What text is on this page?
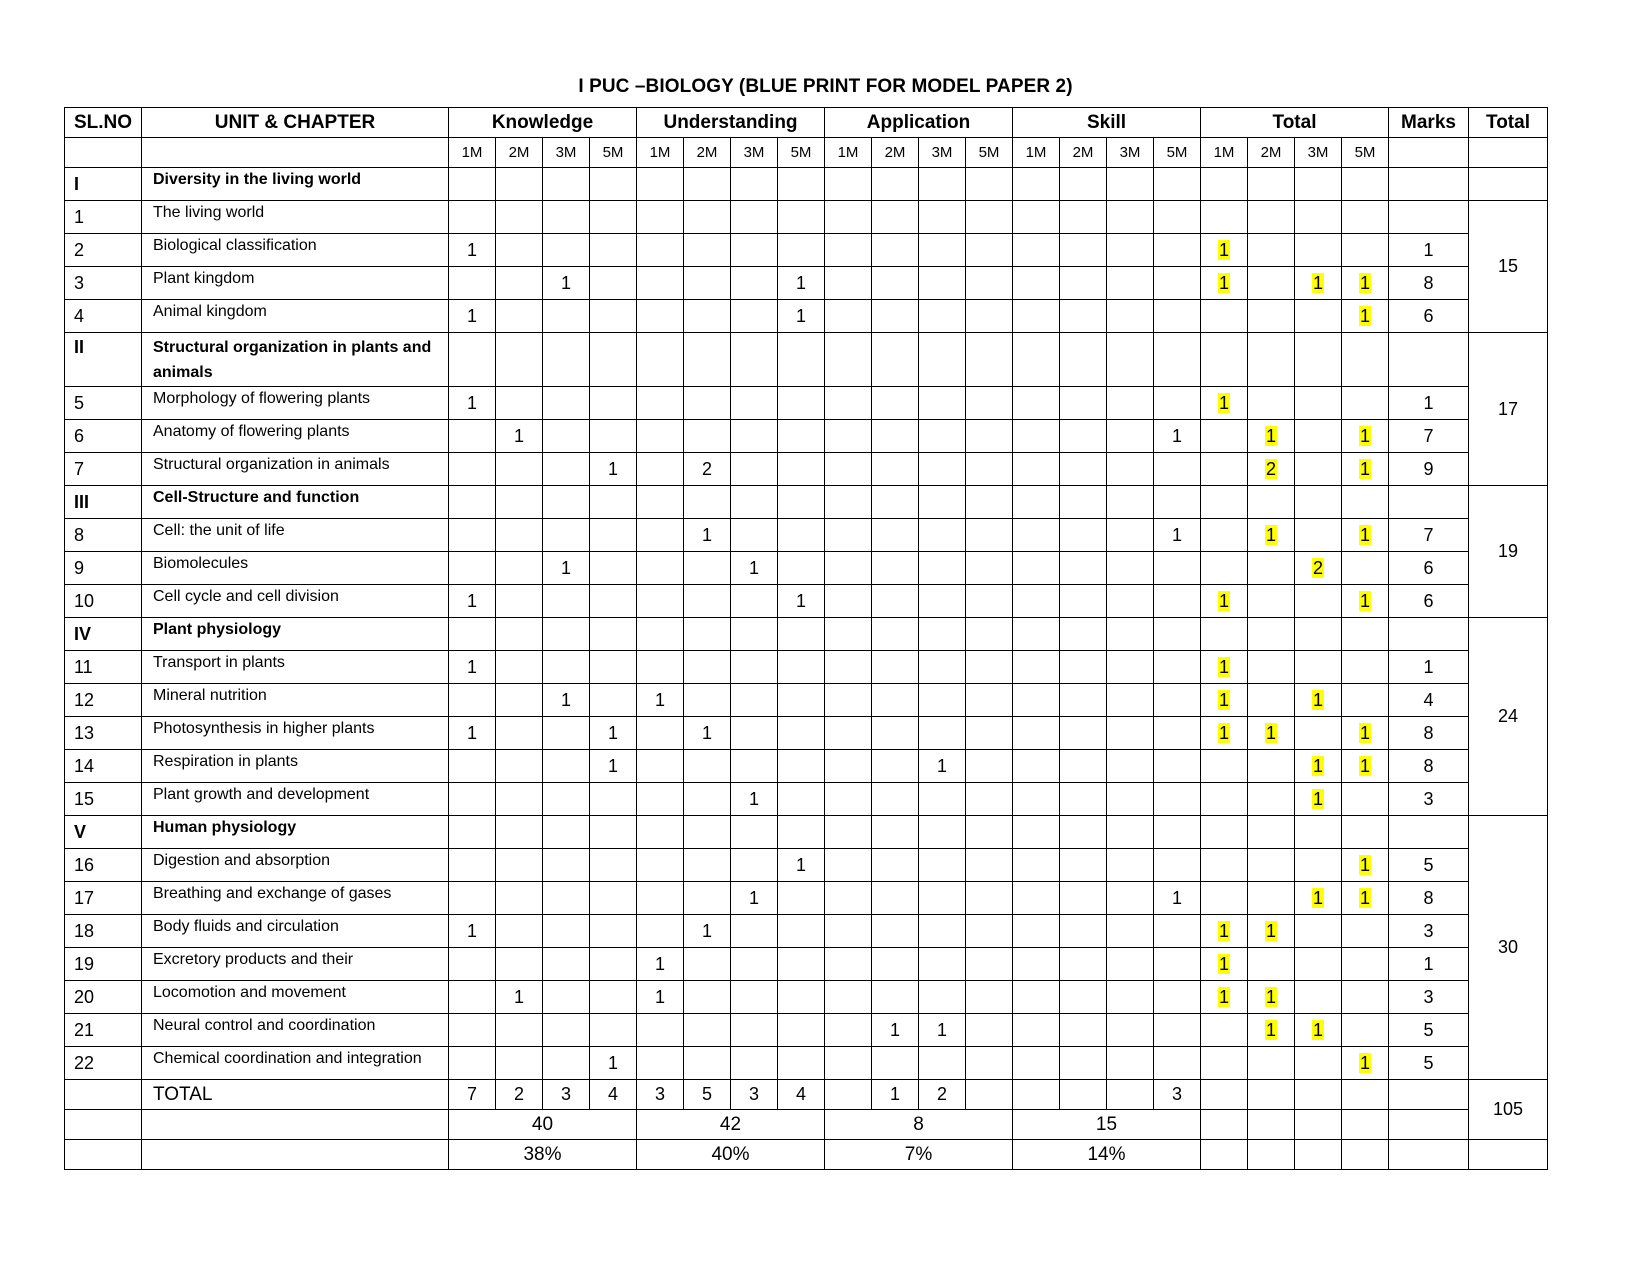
I PUC –BIOLOGY (BLUE PRINT FOR MODEL PAPER 2)
SL.NO	UNIT & CHAPTER	Knowledge				Understanding				Application				Skill				Total				Marks	Total
		1M	2M	3M	5M	1M	2M	3M	5M	1M	2M	3M	5M	1M	2M	3M	5M	1M	2M	3M	5M		
I	Diversity in the living world																						
1	The living world																						15
2	Biological classification	1																1				1	
3	Plant kingdom			1					1									1		1	1	8	
4	Animal kingdom	1							1												1	6	
II	Structural organization in plants and animals																						17
5	Morphology of flowering plants	1																1				1	
6	Anatomy of flowering plants		1														1		1		1	7	
7	Structural organization in animals				1		2												2		1	9	
III	Cell-Structure and function																						19
8	Cell: the unit of life						1										1		1		1	7	
9	Biomolecules			1				1												2		6	
10	Cell cycle and cell division	1							1									1			1	6	
IV	Plant physiology																						24
11	Transport in plants	1																1				1	
12	Mineral nutrition			1		1												1		1		4	
13	Photosynthesis in higher plants	1			1		1											1	1		1	8	
14	Respiration in plants				1							1								1	1	8	
15	Plant growth and development							1												1		3	
V	Human physiology																						30
16	Digestion and absorption								1												1	5	
17	Breathing and exchange of gases							1									1			1	1	8	
18	Body fluids and circulation	1					1											1	1			3	
19	Excretory products and their					1												1				1	
20	Locomotion and movement		1			1												1	1			3	
21	Neural control and coordination										1	1							1	1		5	
22	Chemical coordination and integration				1																1	5	
	TOTAL	7	2	3	4	3	5	3	4		1	2					3						105
		40				42				8				15									
		38%				40%				7%				14%									
